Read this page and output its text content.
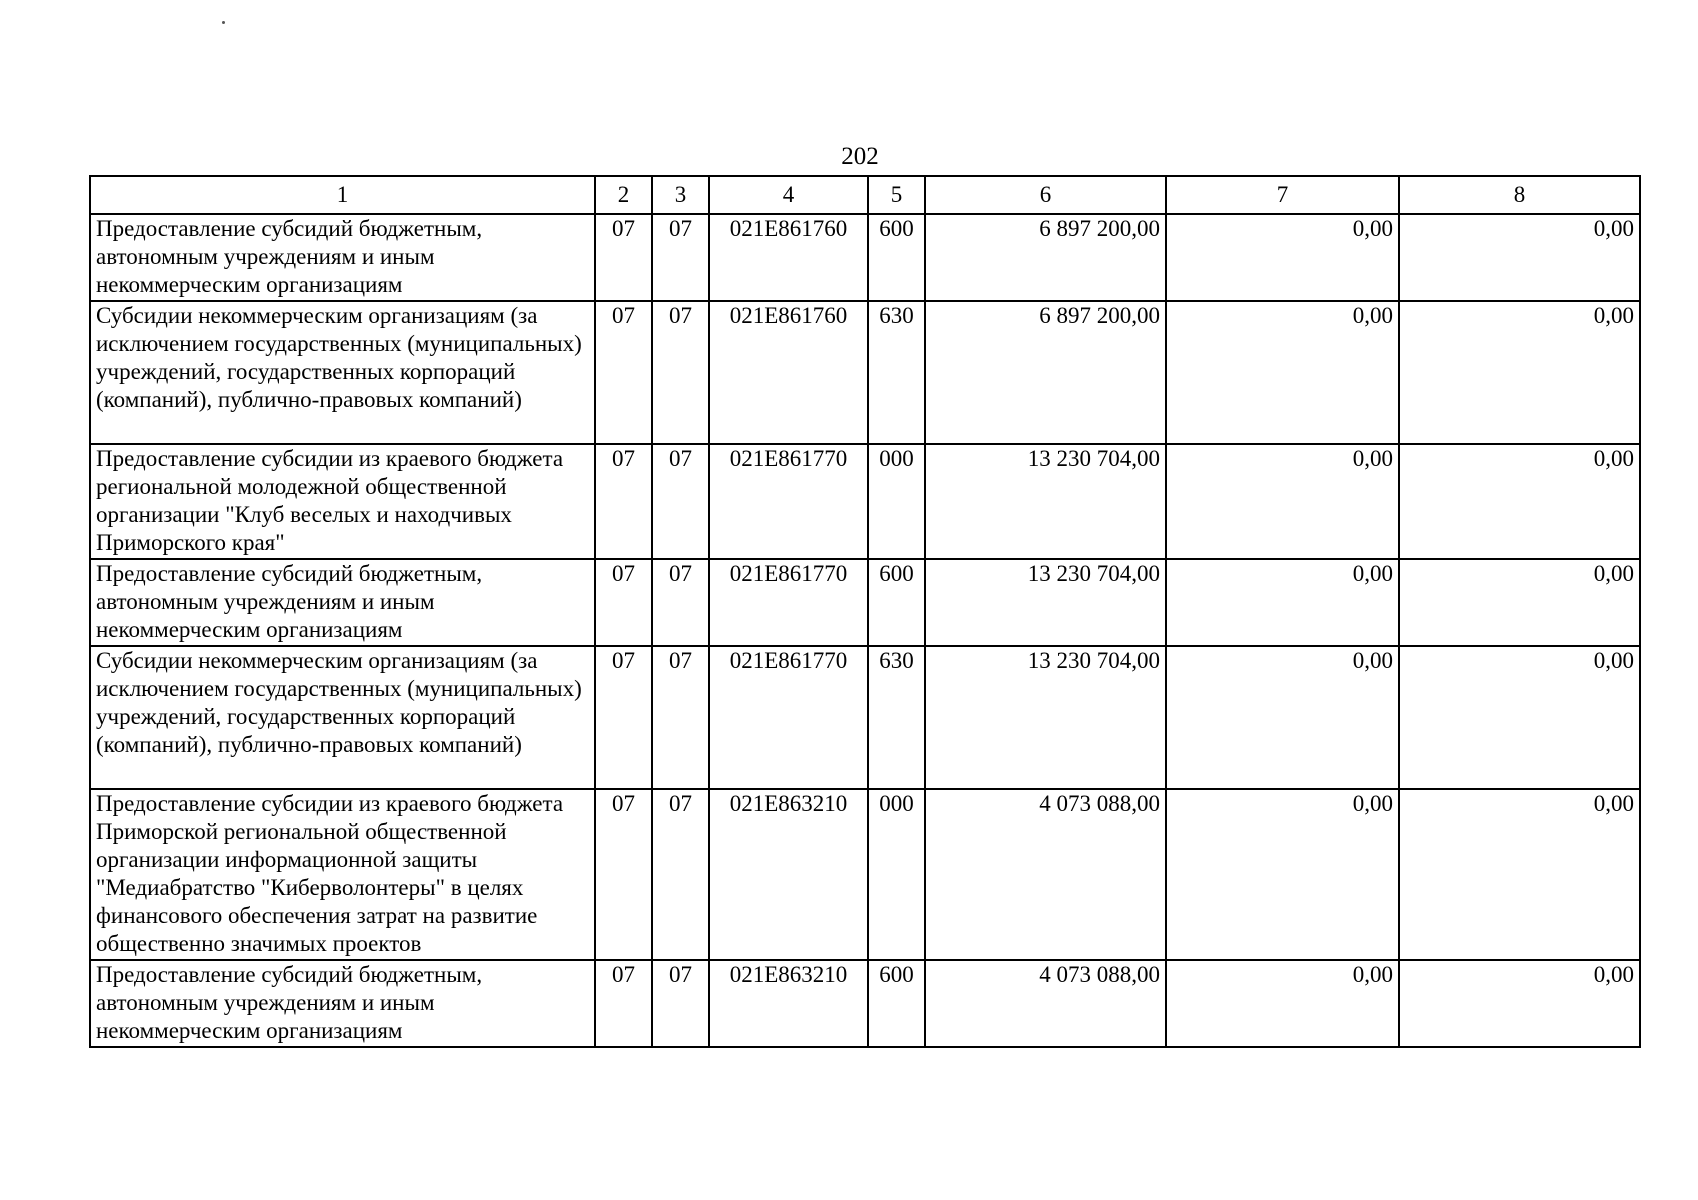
202
1	2	3	4	5	6	7	8
Предоставление субсидий бюджетным, автономным учреждениям и иным некоммерческим организациям	07	07	021Е861760	600	6 897 200,00	0,00	0,00
Субсидии некоммерческим организациям (за исключением государственных (муниципальных) учреждений, государственных корпораций (компаний), публично-правовых компаний)	07	07	021Е861760	630	6 897 200,00	0,00	0,00
Предоставление субсидии из краевого бюджета региональной молодежной общественной организации "Клуб веселых и находчивых Приморского края"	07	07	021Е861770	000	13 230 704,00	0,00	0,00
Предоставление субсидий бюджетным, автономным учреждениям и иным некоммерческим организациям	07	07	021Е861770	600	13 230 704,00	0,00	0,00
Субсидии некоммерческим организациям (за исключением государственных (муниципальных) учреждений, государственных корпораций (компаний), публично-правовых компаний)	07	07	021Е861770	630	13 230 704,00	0,00	0,00
Предоставление субсидии из краевого бюджета Приморской региональной общественной организации информационной защиты "Медиабратство "Киберволонтеры" в целях финансового обеспечения затрат на развитие общественно значимых проектов	07	07	021Е863210	000	4 073 088,00	0,00	0,00
Предоставление субсидий бюджетным, автономным учреждениям и иным некоммерческим организациям	07	07	021Е863210	600	4 073 088,00	0,00	0,00
